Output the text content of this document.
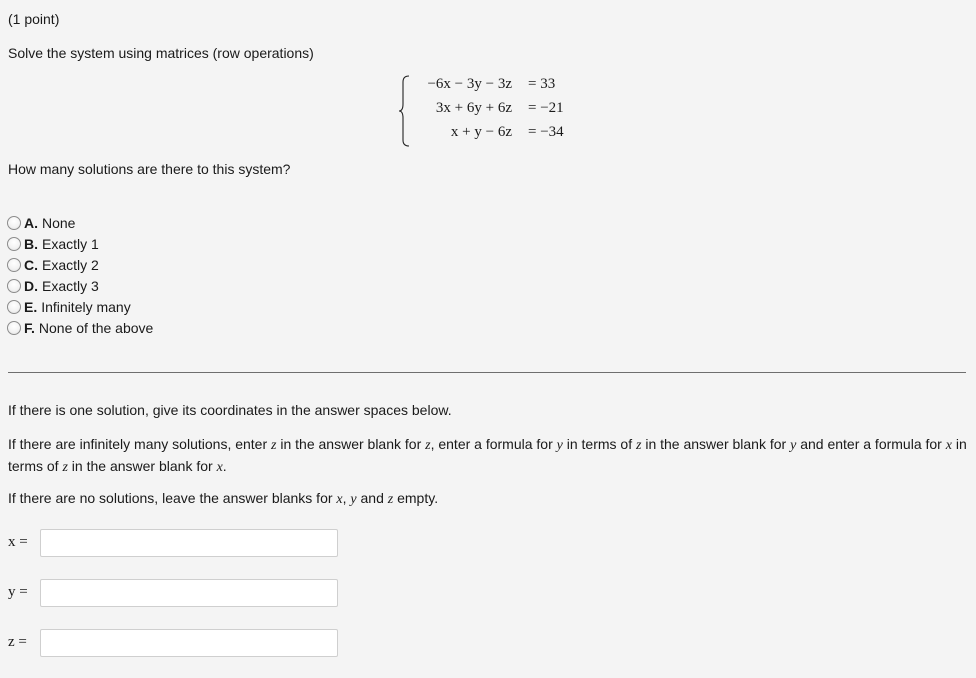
(1 point)
Solve the system using matrices (row operations)
−6x − 3y − 3z = 33
3x + 6y + 6z = −21
x + y − 6z = −34
How many solutions are there to this system?
A. None
B. Exactly 1
C. Exactly 2
D. Exactly 3
E. Infinitely many
F. None of the above
If there is one solution, give its coordinates in the answer spaces below.
If there are infinitely many solutions, enter z in the answer blank for z, enter a formula for y in terms of z in the answer blank for y and enter a formula for x in terms of z in the answer blank for x.
If there are no solutions, leave the answer blanks for x, y and z empty.
x =
y =
z =
